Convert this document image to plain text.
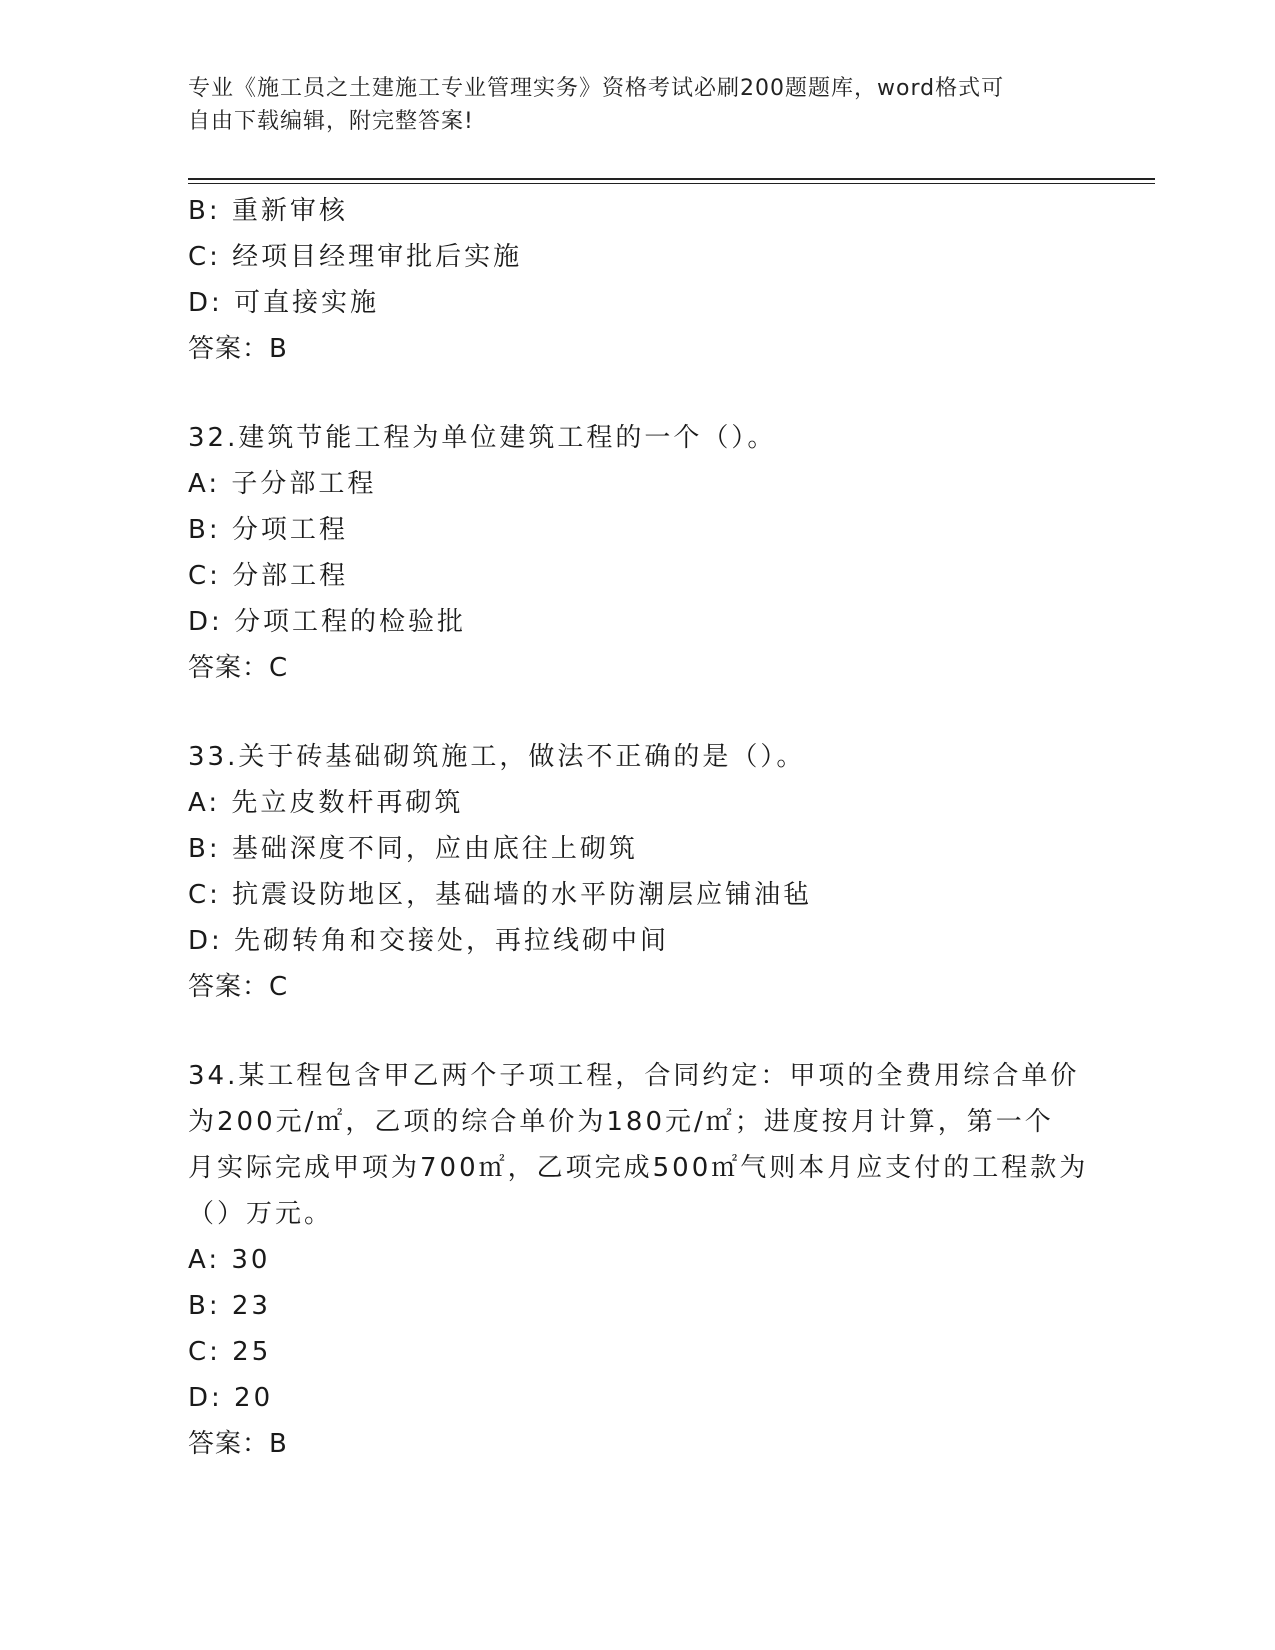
专业《施工员之土建施工专业管理实务》资格考试必刷200题题库，word格式可
自由下载编辑，附完整答案!
B: 重新审核
C: 经项目经理审批后实施
D: 可直接实施
答案：B
32.建筑节能工程为单位建筑工程的一个（）。
A: 子分部工程
B: 分项工程
C: 分部工程
D: 分项工程的检验批
答案：C
33.关于砖基础砌筑施工，做法不正确的是（）。
A: 先立皮数杆再砌筑
B: 基础深度不同，应由底往上砌筑
C: 抗震设防地区，基础墙的水平防潮层应铺油毡
D: 先砌转角和交接处，再拉线砌中间
答案：C
34.某工程包含甲乙两个子项工程，合同约定：甲项的全费用综合单价
为200元/㎡，乙项的综合单价为180元/㎡；进度按月计算，第一个
月实际完成甲项为700㎡，乙项完成500㎡气则本月应支付的工程款为
（）万元。
A: 30
B: 23
C: 25
D: 20
答案：B
